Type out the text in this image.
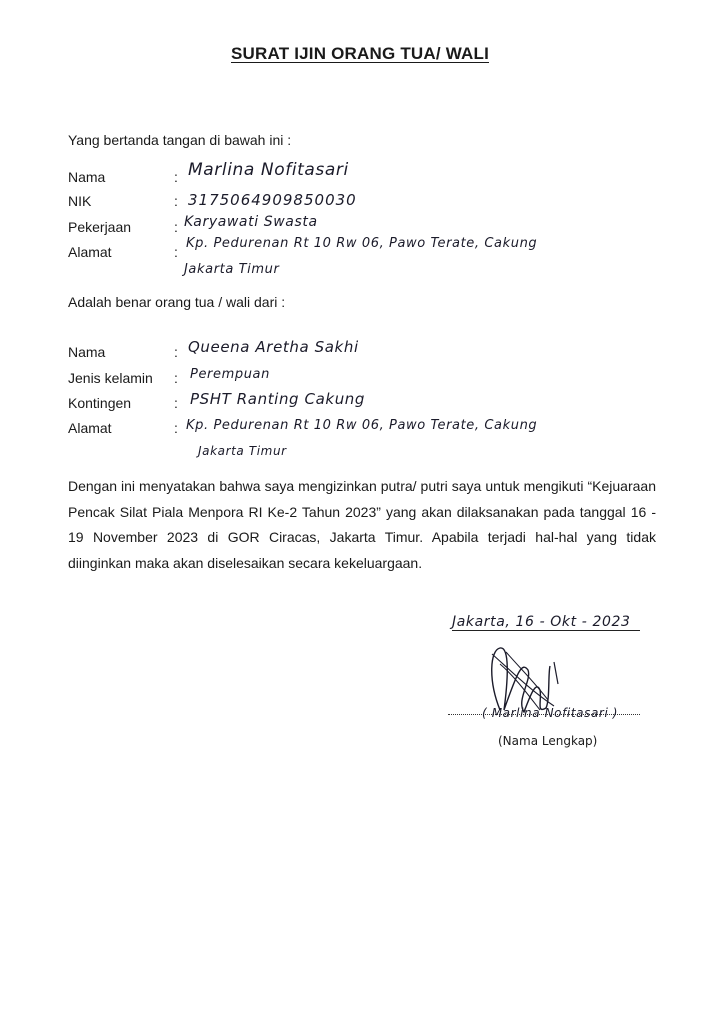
SURAT IJIN ORANG TUA/ WALI
Yang bertanda tangan di bawah ini :
Nama	: Marlina Nofitasari
NIK	: 3175064909850030
Pekerjaan	: Karyawati Swasta
Alamat	:
Kp. Pedurenan Rt 10 Rw 06, Pawo Terate, Cakung
Jakarta Timur
Adalah benar orang tua / wali dari :
Nama	: Queena Aretha Sakhi
Jenis kelamin : Perempuan
Kontingen	: PSHT Ranting Cakung
Alamat	: Kp. Pedurenan Rt 10 Rw 06, Pawo Terate, Cakung
Jakarta Timur
Dengan ini menyatakan bahwa saya mengizinkan putra/ putri saya untuk mengikuti “Kejuaraan Pencak Silat Piala Menpora RI Ke-2 Tahun 2023” yang akan dilaksanakan pada tanggal 16 - 19 November 2023 di GOR Ciracas, Jakarta Timur. Apabila terjadi hal-hal yang tidak diinginkan maka akan diselesaikan secara kekeluargaan.
Jakarta, 16 - Okt - 2023
( Marlina Nofitasari )
(Nama Lengkap)
